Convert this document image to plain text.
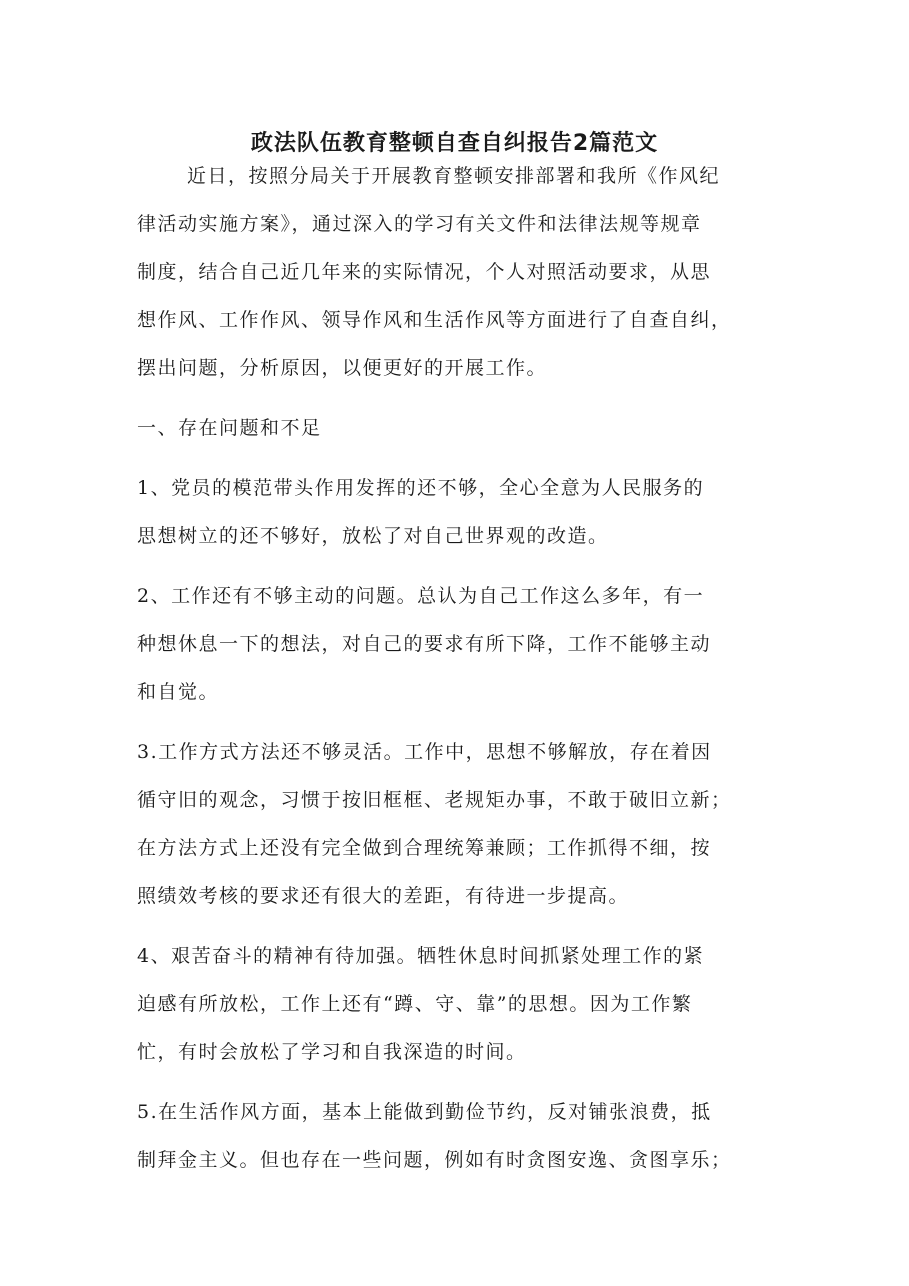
政法队伍教育整顿自查自纠报告2篇范文

近日，按照分局关于开展教育整顿安排部署和我所《作风纪
律活动实施方案》，通过深入的学习有关文件和法律法规等规章
制度，结合自己近几年来的实际情况，个人对照活动要求，从思
想作风、工作作风、领导作风和生活作风等方面进行了自查自纠，
摆出问题，分析原因，以便更好的开展工作。

一、存在问题和不足

1、党员的模范带头作用发挥的还不够，全心全意为人民服务的
思想树立的还不够好，放松了对自己世界观的改造。

2、工作还有不够主动的问题。总认为自己工作这么多年，有一
种想休息一下的想法，对自己的要求有所下降，工作不能够主动
和自觉。

3.工作方式方法还不够灵活。工作中，思想不够解放，存在着因
循守旧的观念，习惯于按旧框框、老规矩办事，不敢于破旧立新；
在方法方式上还没有完全做到合理统筹兼顾；工作抓得不细，按
照绩效考核的要求还有很大的差距，有待进一步提高。

4、艰苦奋斗的精神有待加强。牺牲休息时间抓紧处理工作的紧
迫感有所放松，工作上还有“蹲、守、靠”的思想。因为工作繁
忙，有时会放松了学习和自我深造的时间。

5.在生活作风方面，基本上能做到勤俭节约，反对铺张浪费，抵
制拜金主义。但也存在一些问题，例如有时贪图安逸、贪图享乐；
